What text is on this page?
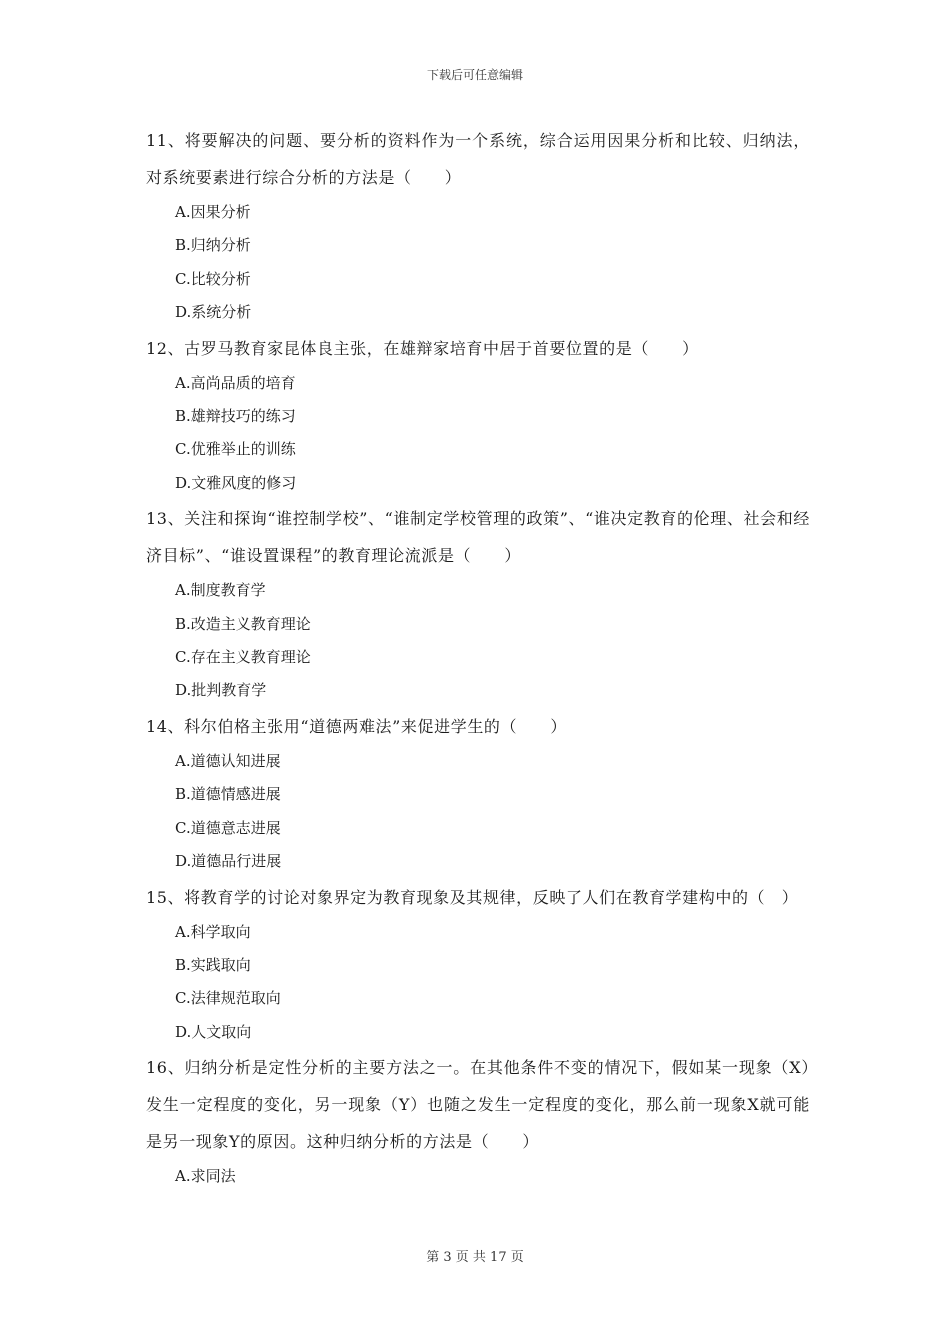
下载后可任意编辑

11、将要解决的问题、要分析的资料作为一个系统，综合运用因果分析和比较、归纳法，对系统要素进行综合分析的方法是（　　）

A.因果分析
B.归纳分析
C.比较分析
D.系统分析

12、古罗马教育家昆体良主张，在雄辩家培育中居于首要位置的是（　　）

A.高尚品质的培育
B.雄辩技巧的练习
C.优雅举止的训练
D.文雅风度的修习

13、关注和探询“谁控制学校”、“谁制定学校管理的政策”、“谁决定教育的伦理、社会和经济目标”、“谁设置课程”的教育理论流派是（　　）

A.制度教育学
B.改造主义教育理论
C.存在主义教育理论
D.批判教育学

14、科尔伯格主张用“道德两难法”来促进学生的（　　）

A.道德认知进展
B.道德情感进展
C.道德意志进展
D.道德品行进展

15、将教育学的讨论对象界定为教育现象及其规律，反映了人们在教育学建构中的（　）

A.科学取向
B.实践取向
C.法律规范取向
D.人文取向

16、归纳分析是定性分析的主要方法之一。在其他条件不变的情况下，假如某一现象（X）发生一定程度的变化，另一现象（Y）也随之发生一定程度的变化，那么前一现象X就可能是另一现象Y的原因。这种归纳分析的方法是（　　）

A.求同法
第 3 页 共 17 页
